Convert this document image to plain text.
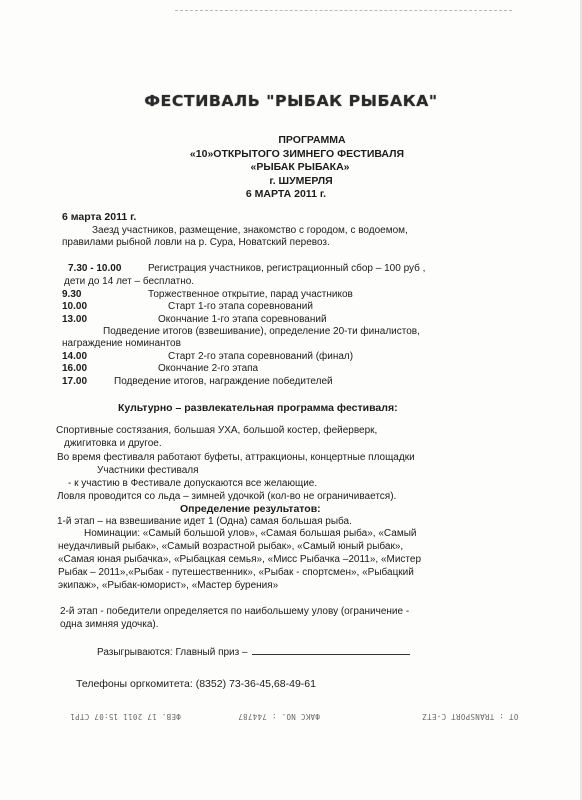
ФЕСТИВАЛЬ "РЫБАК РЫБАКА"
ПРОГРАММА
«10»ОТКРЫТОГО ЗИМНЕГО ФЕСТИВАЛЯ
«РЫБАК РЫБАКА»
г. ШУМЕРЛЯ
6 МАРТА 2011 г.
6 марта 2011 г.
Заезд участников, размещение, знакомство с городом, с водоемом,
правилами рыбной ловли на р. Сура, Новатский перевоз.
7.30 - 10.00	Регистрация участников, регистрационный сбор – 100 руб ,
дети до 14 лет – бесплатно.
9.30	Торжественное открытие, парад участников
10.00	Старт 1-го этапа соревнований
13.00	Окончание 1-го этапа соревнований
Подведение итогов (взвешивание), определение 20-ти финалистов,
награждение номинантов
14.00	Старт 2-го этапа соревнований (финал)
16.00	Окончание 2-го этапа
17.00	Подведение итогов, награждение победителей
Культурно – развлекательная программа фестиваля:
Спортивные состязания, большая УХА, большой костер, фейерверк,
джигитовка и другое.
Во время фестиваля работают буфеты, аттракционы, концертные площадки
Участники фестиваля
- к участию в Фестивале допускаются все желающие.
Ловля проводится со льда – зимней удочкой (кол-во не ограничивается).
Определение результатов:
1-й этап – на взвешивание идет 1 (Одна) самая большая рыба.
Номинации: «Самый большой улов», «Самая большая рыба», «Самый
неудачливый рыбак», «Самый возрастной рыбак», «Самый юный рыбак»,
«Самая юная рыбачка», «Рыбацкая семья», «Мисс Рыбачка –2011», «Мистер
Рыбак – 2011»,«Рыбак - путешественник», «Рыбак - спортсмен», «Рыбацкий
экипаж», «Рыбак-юморист», «Мастер бурения»
2-й этап - победители определяется по наибольшему улову (ограничение -
одна зимняя удочка).
Разыгрываются: Главный приз –
Телефоны оргкомитета: (8352) 73-36-45,68-49-61
OT : TRANSPORT C-ETZ
ФАКС NO. : 744787
ФЕВ. 17 2011 15:07 СТР1
